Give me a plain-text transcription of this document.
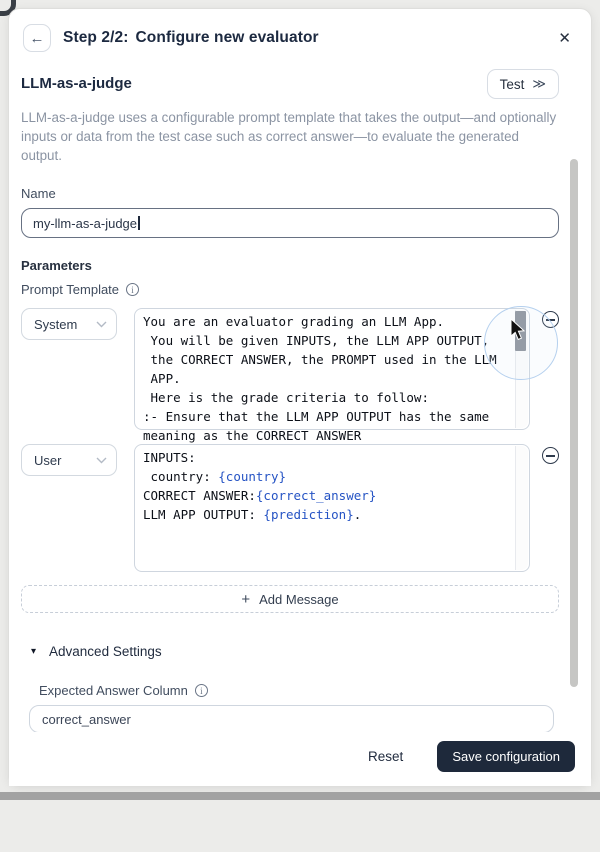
← Step 2/2: Configure new evaluator	✕
LLM-as-a-judge	Test ≫

LLM-as-a-judge uses a configurable prompt template that takes the output—and optionally inputs or data from the test case such as correct answer—to evaluate the generated output.

Name
my-llm-as-a-judge
Parameters
Prompt Template	i
System	You are an evaluator grading an LLM App.
You will be given INPUTS, the LLM APP OUTPUT,
the CORRECT ANSWER, the PROMPT used in the LLM
APP.
Here is the grade criteria to follow:
:- Ensure that the LLM APP OUTPUT has the same
meaning as the CORRECT ANSWER
User	INPUTS:
country: {country}
CORRECT ANSWER:{correct_answer}
LLM APP OUTPUT: {prediction}.
+ Add Message
▾ Advanced Settings
Expected Answer Column	i
correct_answer
Reset	Save configuration
